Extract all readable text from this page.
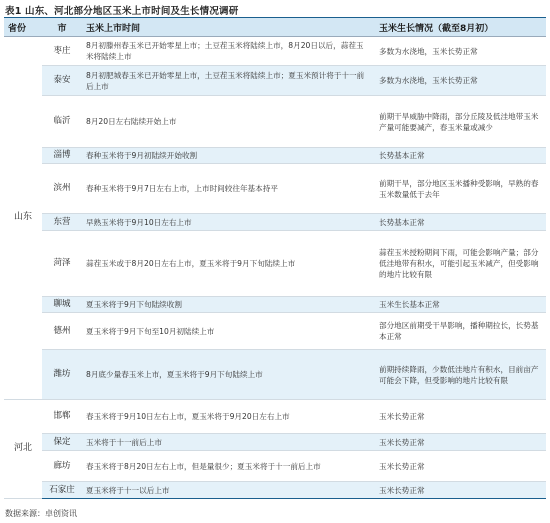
表1 山东、河北部分地区玉米上市时间及生长情况调研
省份	市	玉米上市时间	玉米生长情况（截至8月初）
山东	枣庄	8月初滕州春玉米已开始零星上市；土豆茬玉米将陆续上市，8月20日以后，蒜茬玉米将陆续上市	多数为水浇地，玉米长势正常
	泰安	8月初肥城春玉米已开始零星上市，土豆茬玉米将陆续上市；夏玉米预计将于十一前后上市	多数为水浇地，玉米长势正常
	临沂	8月20日左右陆续开始上市	前期干旱威胁中降雨，部分丘陵及低洼地带玉米产量可能要减产，春玉米量或减少
	淄博	春种玉米将于9月初陆续开始收割	长势基本正常
	滨州	春种玉米将于9月7日左右上市，上市时间较往年基本持平	前期干旱，部分地区玉米播种受影响，早熟的春玉米数量低于去年
	东营	早熟玉米将于9月10日左右上市	长势基本正常
	菏泽	蒜茬玉米或于8月20日左右上市，夏玉米将于9月下旬陆续上市	蒜茬玉米授粉期间下雨，可能会影响产量；部分低洼地带有积水，可能引起玉米减产，但受影响的地片比较有限
	聊城	夏玉米将于9月下旬陆续收割	玉米生长基本正常
	德州	夏玉米将于9月下旬至10月初陆续上市	部分地区前期受干旱影响，播种期拉长，长势基本正常
	潍坊	8月底少量春玉米上市，夏玉米将于9月下旬陆续上市	前期持续降雨，少数低洼地片有积水，目前亩产可能会下降，但受影响的地片比较有限
河北	邯郸	春玉米将于9月10日左右上市，夏玉米将于9月20日左右上市	玉米长势正常
	保定	玉米将于十一前后上市	玉米长势正常
	廊坊	春玉米将于8月20日左右上市，但是量很少；夏玉米将于十一前后上市	玉米长势正常
	石家庄	夏玉米将于十一以后上市	玉米长势正常
数据来源：卓创资讯
